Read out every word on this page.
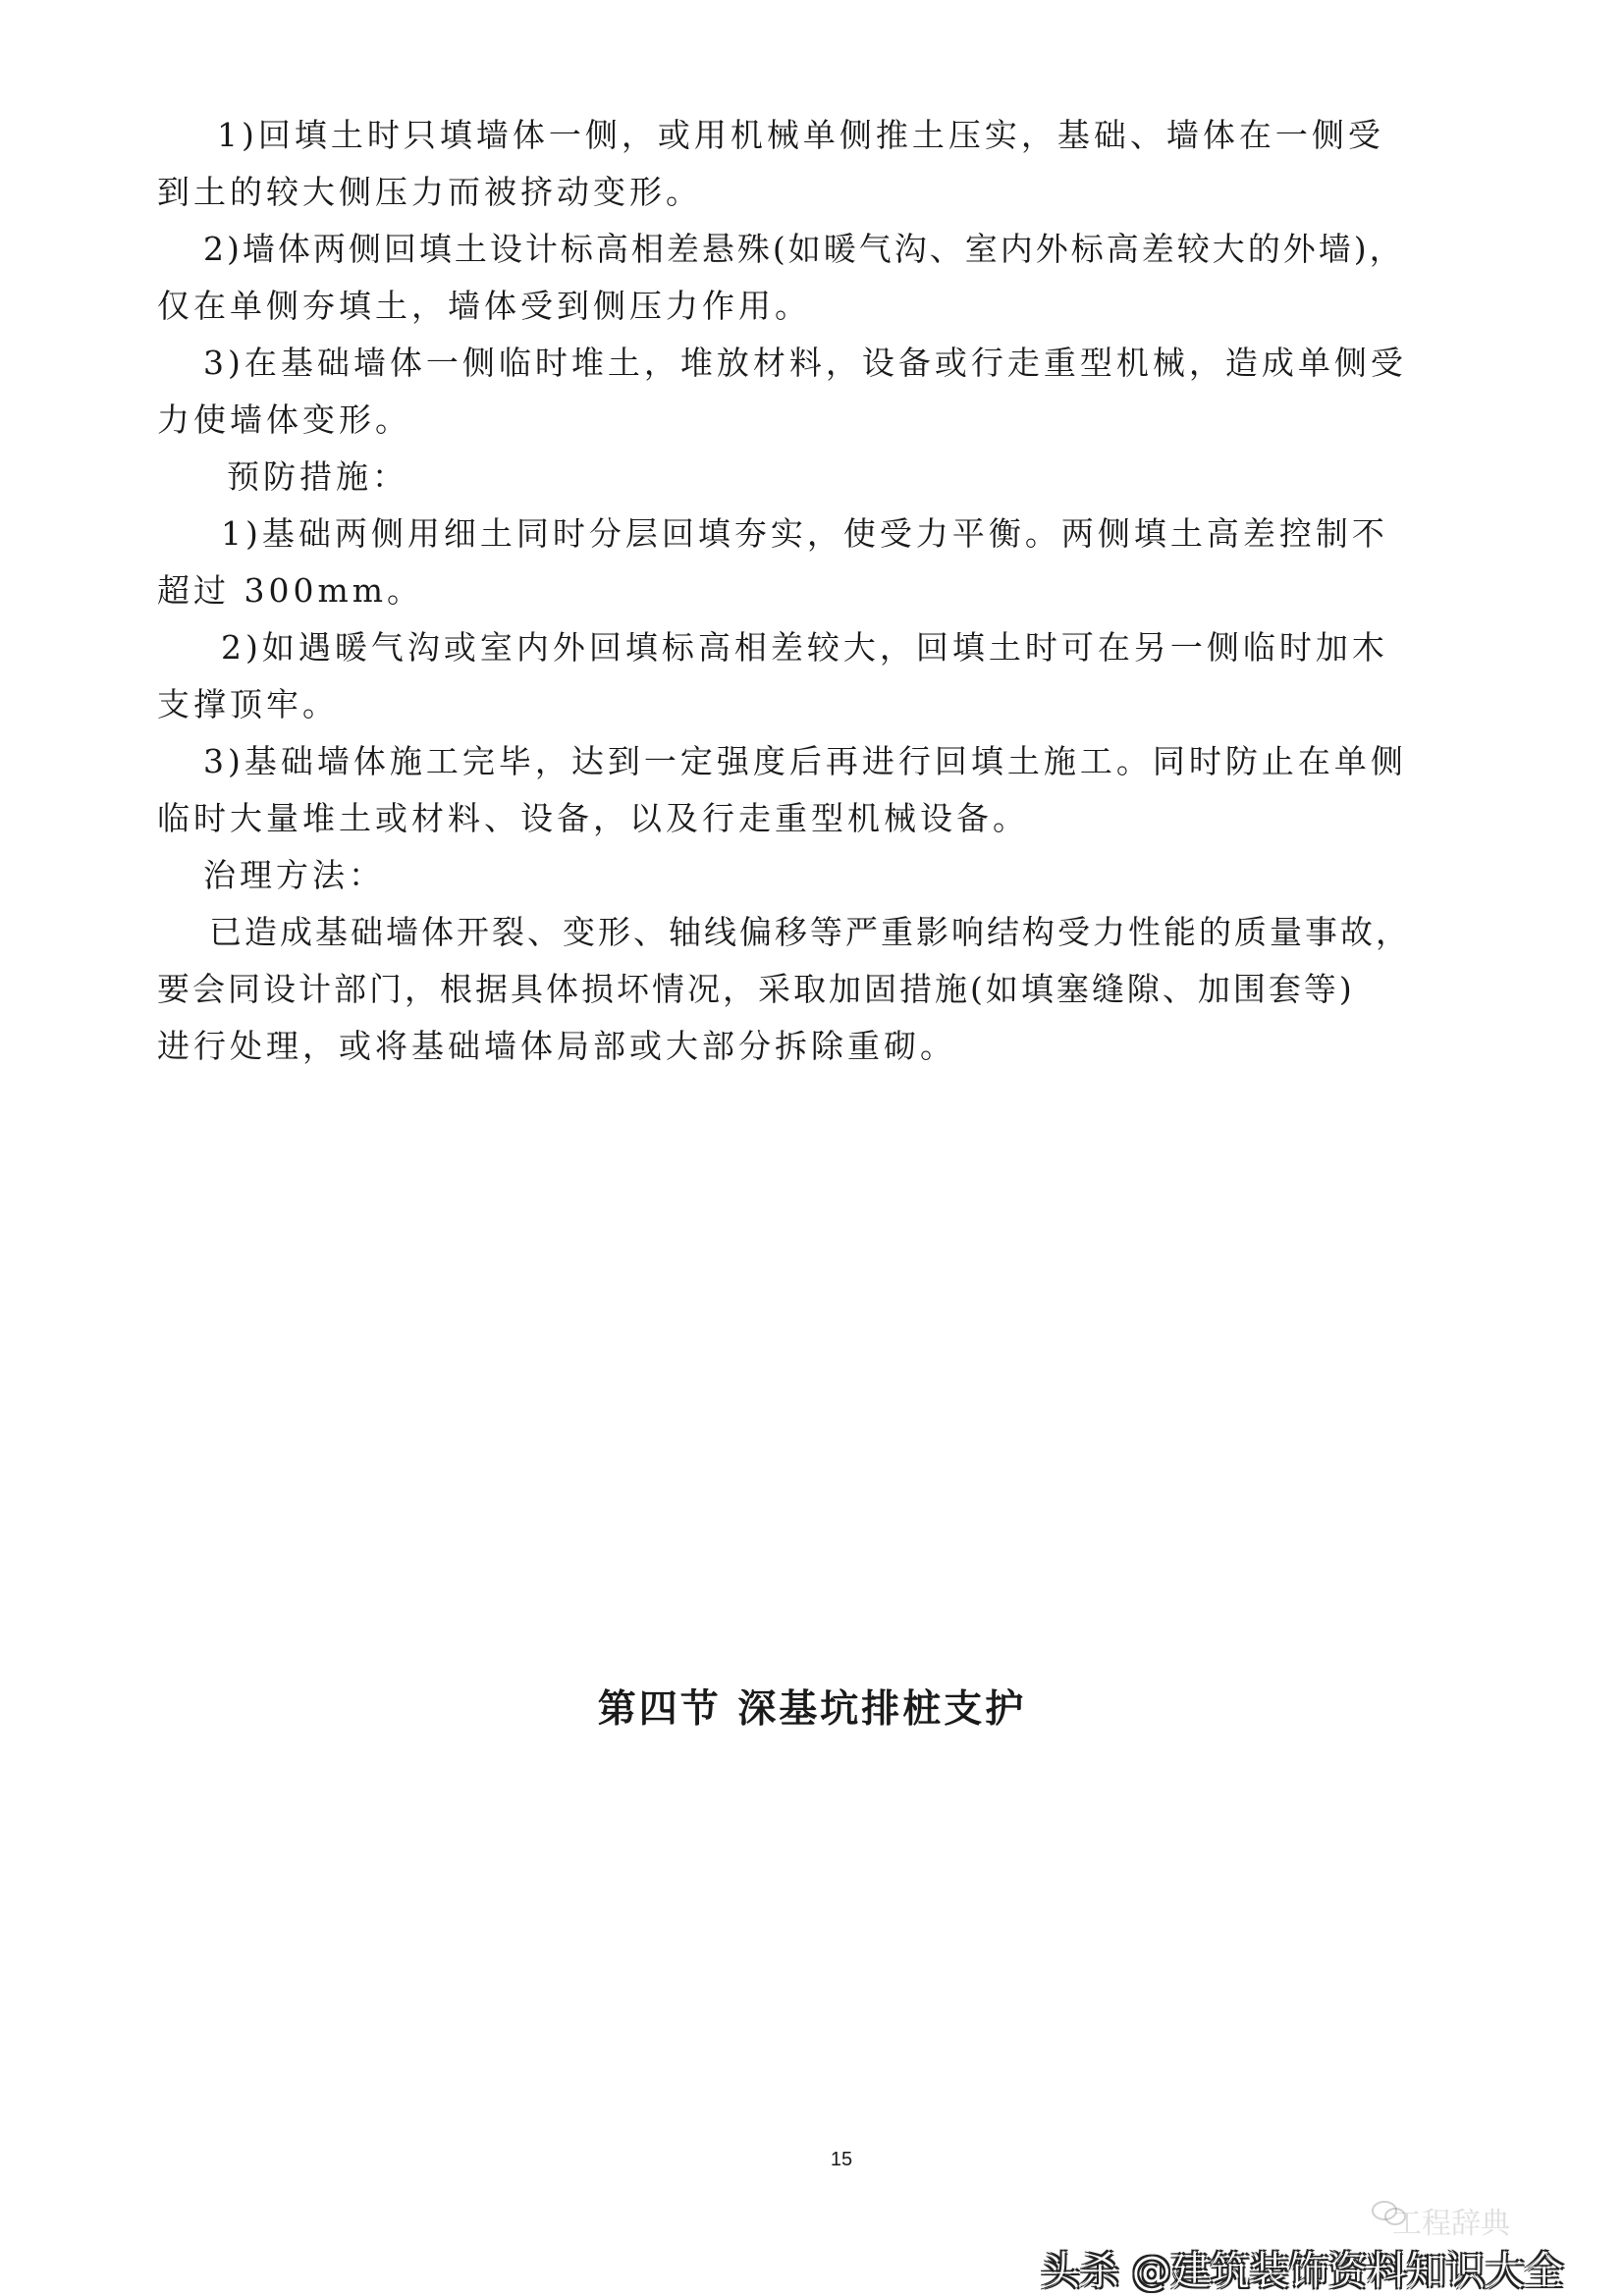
1)回填土时只填墙体一侧，或用机械单侧推土压实，基础、墙体在一侧受
到土的较大侧压力而被挤动变形。
2)墙体两侧回填土设计标高相差悬殊(如暖气沟、室内外标高差较大的外墙)，
仅在单侧夯填土，墙体受到侧压力作用。
3)在基础墙体一侧临时堆土，堆放材料，设备或行走重型机械，造成单侧受
力使墙体变形。
预防措施：
1)基础两侧用细土同时分层回填夯实，使受力平衡。两侧填土高差控制不
超过 300mm。
2)如遇暖气沟或室内外回填标高相差较大，回填土时可在另一侧临时加木
支撑顶牢。
3)基础墙体施工完毕，达到一定强度后再进行回填土施工。同时防止在单侧
临时大量堆土或材料、设备，以及行走重型机械设备。
治理方法：
已造成基础墙体开裂、变形、轴线偏移等严重影响结构受力性能的质量事故，
要会同设计部门，根据具体损坏情况，采取加固措施(如填塞缝隙、加围套等)
进行处理，或将基础墙体局部或大部分拆除重砌。
第四节 深基坑排桩支护
15
工程辞典
头杀 @建筑装饰资料知识大全
